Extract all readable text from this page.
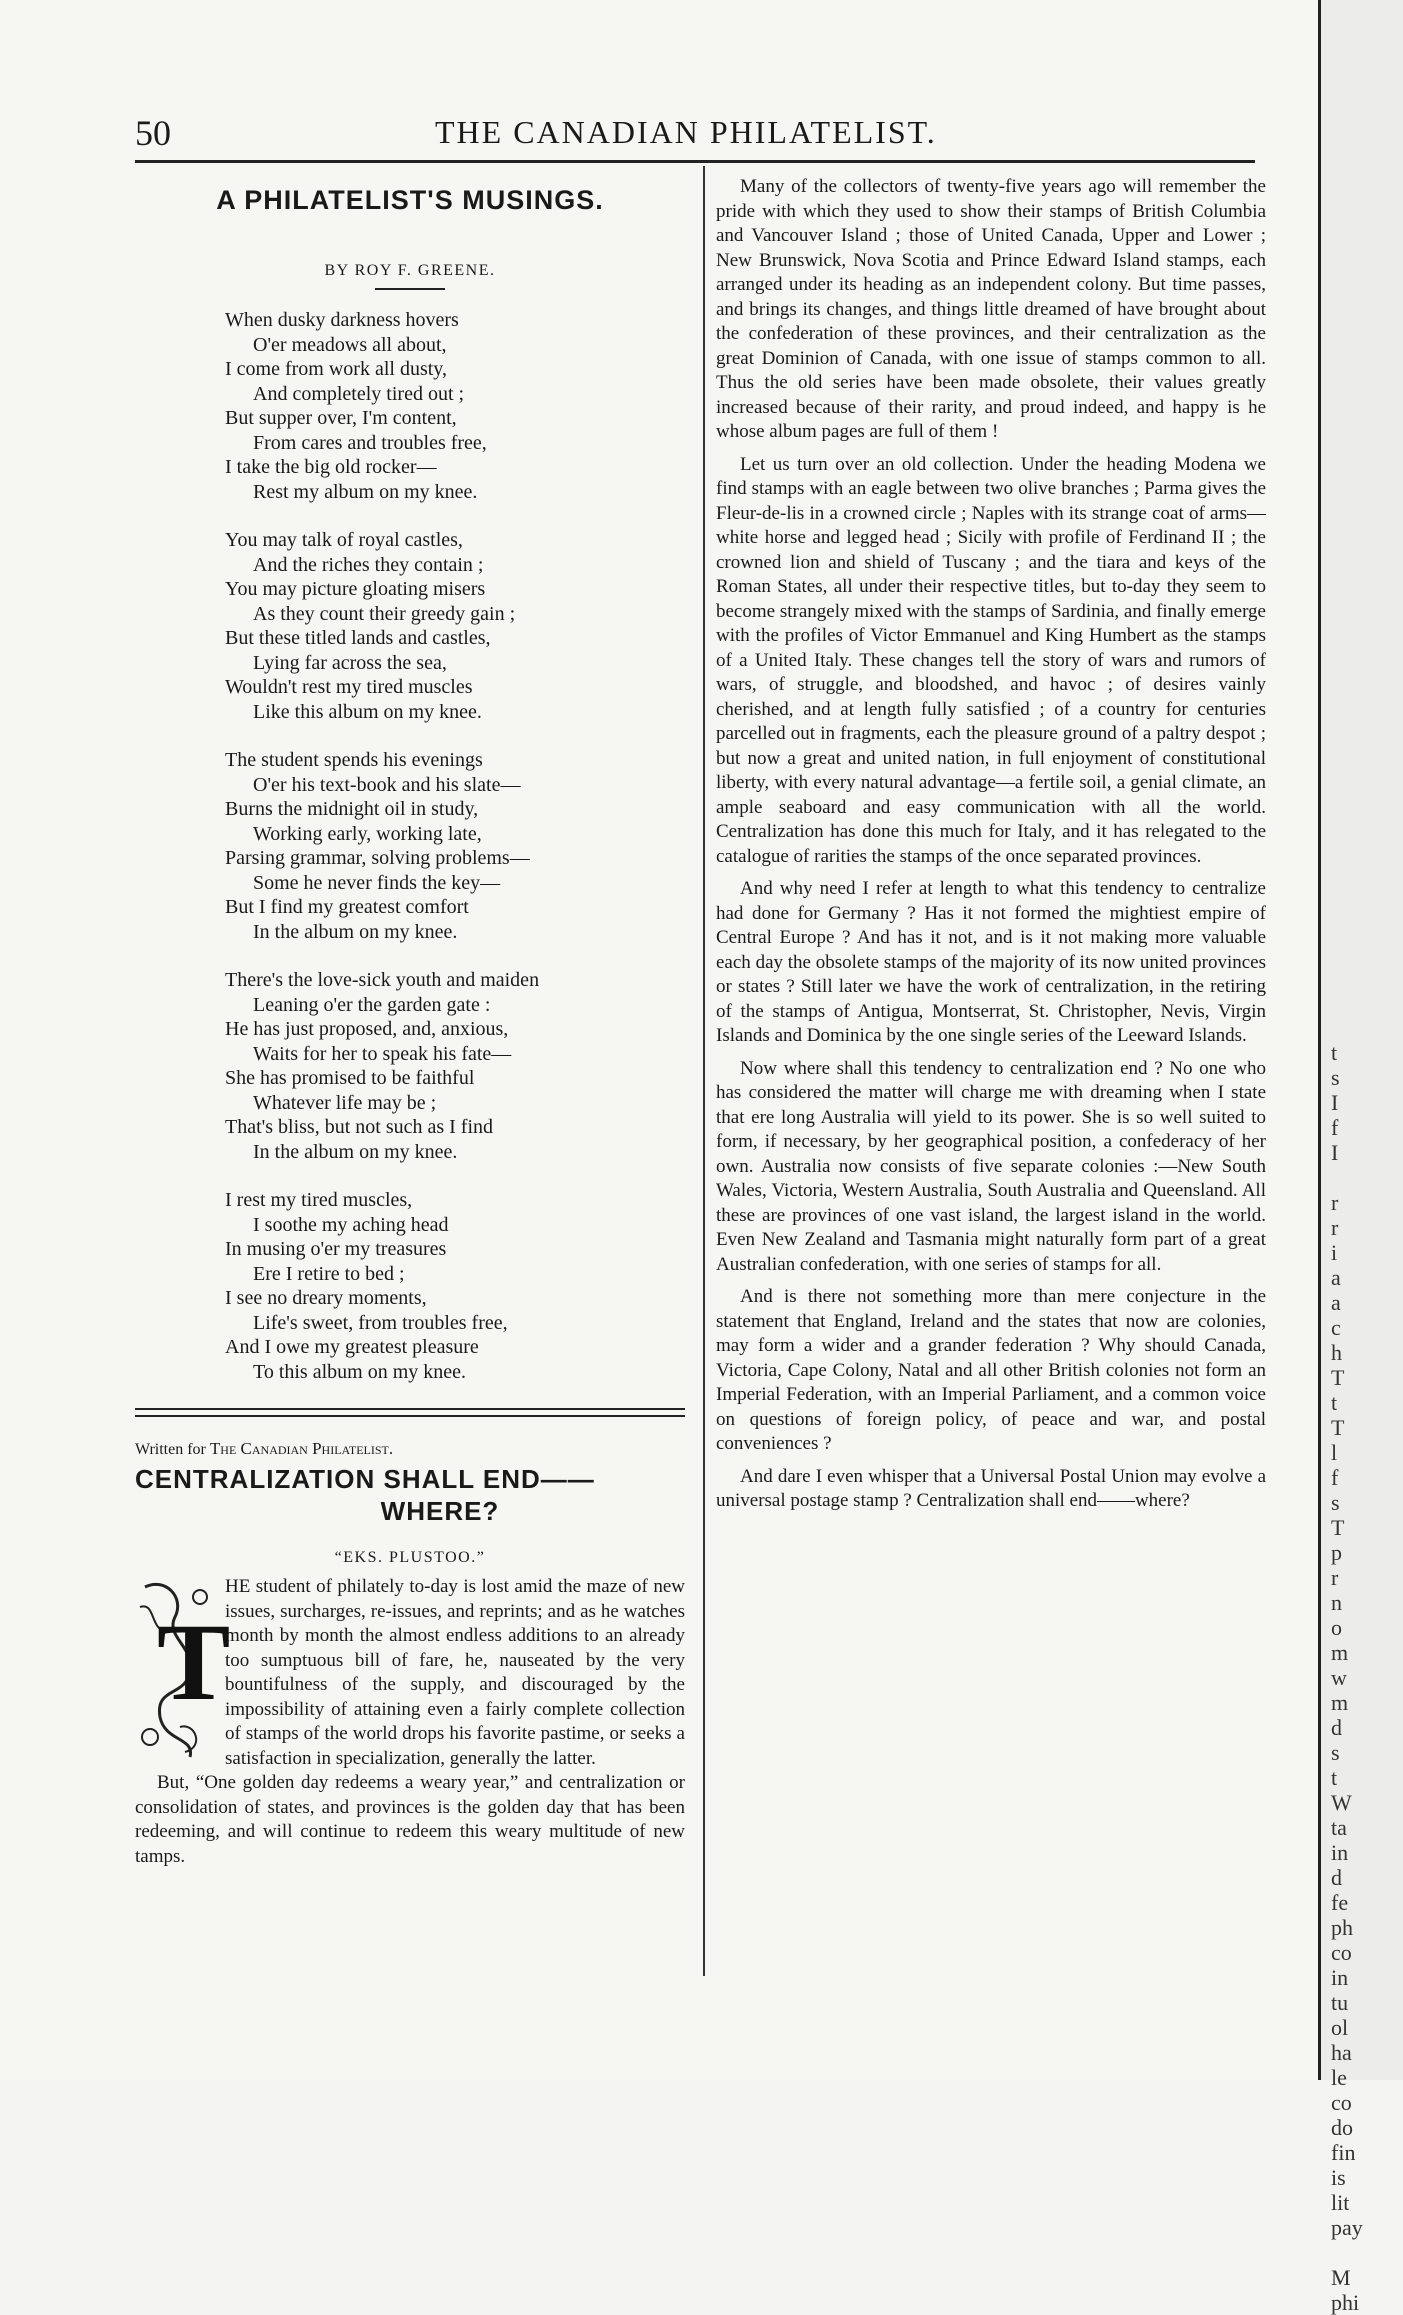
50	THE CANADIAN PHILATELIST.
A PHILATELIST'S MUSINGS.
BY ROY F. GREENE.
When dusky darkness hovers
O'er meadows all about,
I come from work all dusty,
And completely tired out ;
But supper over, I'm content,
From cares and troubles free,
I take the big old rocker—
Rest my album on my knee.
You may talk of royal castles,
And the riches they contain ;
You may picture gloating misers
As they count their greedy gain ;
But these titled lands and castles,
Lying far across the sea,
Wouldn't rest my tired muscles
Like this album on my knee.
The student spends his evenings
O'er his text-book and his slate—
Burns the midnight oil in study,
Working early, working late,
Parsing grammar, solving problems—
Some he never finds the key—
But I find my greatest comfort
In the album on my knee.
There's the love-sick youth and maiden
Leaning o'er the garden gate :
He has just proposed, and, anxious,
Waits for her to speak his fate—
She has promised to be faithful
Whatever life may be ;
That's bliss, but not such as I find
In the album on my knee.
I rest my tired muscles,
I soothe my aching head
In musing o'er my treasures
Ere I retire to bed ;
I see no dreary moments,
Life's sweet, from troubles free,
And I owe my greatest pleasure
To this album on my knee.
Written for The Canadian Philatelist.
CENTRALIZATION SHALL END——
WHERE?
“EKS. PLUSTOO.”
T

HE student of philately to-day is lost amid the maze of new issues, surcharges, re-issues, and reprints; and as he watches month by month the almost endless additions to an already too sumptuous bill of fare, he, nauseated by the very bountifulness of the supply, and discouraged by the impossibility of attaining even a fairly complete collection of stamps of the world drops his favorite pastime, or seeks a satisfaction in specialization, generally the latter.

But, “One golden day redeems a weary year,” and centralization or consolidation of states, and provinces is the golden day that has been redeeming, and will continue to redeem this weary multitude of new tamps.

Many of the collectors of twenty-five years ago will remember the pride with which they used to show their stamps of British Columbia and Vancouver Island ; those of United Canada, Upper and Lower ; New Brunswick, Nova Scotia and Prince Edward Island stamps, each arranged under its heading as an independent colony. But time passes, and brings its changes, and things little dreamed of have brought about the confederation of these provinces, and their centralization as the great Dominion of Canada, with one issue of stamps common to all. Thus the old series have been made obsolete, their values greatly increased because of their rarity, and proud indeed, and happy is he whose album pages are full of them !

Let us turn over an old collection. Under the heading Modena we find stamps with an eagle between two olive branches ; Parma gives the Fleur-de-lis in a crowned circle ; Naples with its strange coat of arms—white horse and legged head ; Sicily with profile of Ferdinand II ; the crowned lion and shield of Tuscany ; and the tiara and keys of the Roman States, all under their respective titles, but to-day they seem to become strangely mixed with the stamps of Sardinia, and finally emerge with the profiles of Victor Emmanuel and King Humbert as the stamps of a United Italy. These changes tell the story of wars and rumors of wars, of struggle, and bloodshed, and havoc ; of desires vainly cherished, and at length fully satisfied ; of a country for centuries parcelled out in fragments, each the pleasure ground of a paltry despot ; but now a great and united nation, in full enjoyment of constitutional liberty, with every natural advantage—a fertile soil, a genial climate, an ample seaboard and easy communication with all the world. Centralization has done this much for Italy, and it has relegated to the catalogue of rarities the stamps of the once separated provinces.

And why need I refer at length to what this tendency to centralize had done for Germany ? Has it not formed the mightiest empire of Central Europe ? And has it not, and is it not making more valuable each day the obsolete stamps of the majority of its now united provinces or states ? Still later we have the work of centralization, in the retiring of the stamps of Antigua, Montserrat, St. Christopher, Nevis, Virgin Islands and Dominica by the one single series of the Leeward Islands.

Now where shall this tendency to centralization end ? No one who has considered the matter will charge me with dreaming when I state that ere long Australia will yield to its power. She is so well suited to form, if necessary, by her geographical position, a confederacy of her own. Australia now consists of five separate colonies :—New South Wales, Victoria, Western Australia, South Australia and Queensland. All these are provinces of one vast island, the largest island in the world. Even New Zealand and Tasmania might naturally form part of a great Australian confederation, with one series of stamps for all.

And is there not something more than mere conjecture in the statement that England, Ireland and the states that now are colonies, may form a wider and a grander federation ? Why should Canada, Victoria, Cape Colony, Natal and all other British colonies not form an Imperial Federation, with an Imperial Parliament, and a common voice on questions of foreign policy, of peace and war, and postal conveniences ?

And dare I even whisper that a Universal Postal Union may evolve a universal postage stamp ? Centralization shall end——where?

t
s
I
f
I

r
r
i
a
a
c
h
T
t
T
l
f
s
T
p
r
n
o
m
w
m
d
s
t
W
ta
in
d
fe
ph
co
in
tu
ol
ha
le
co
do
fin
is
lit
pay

M
phi
